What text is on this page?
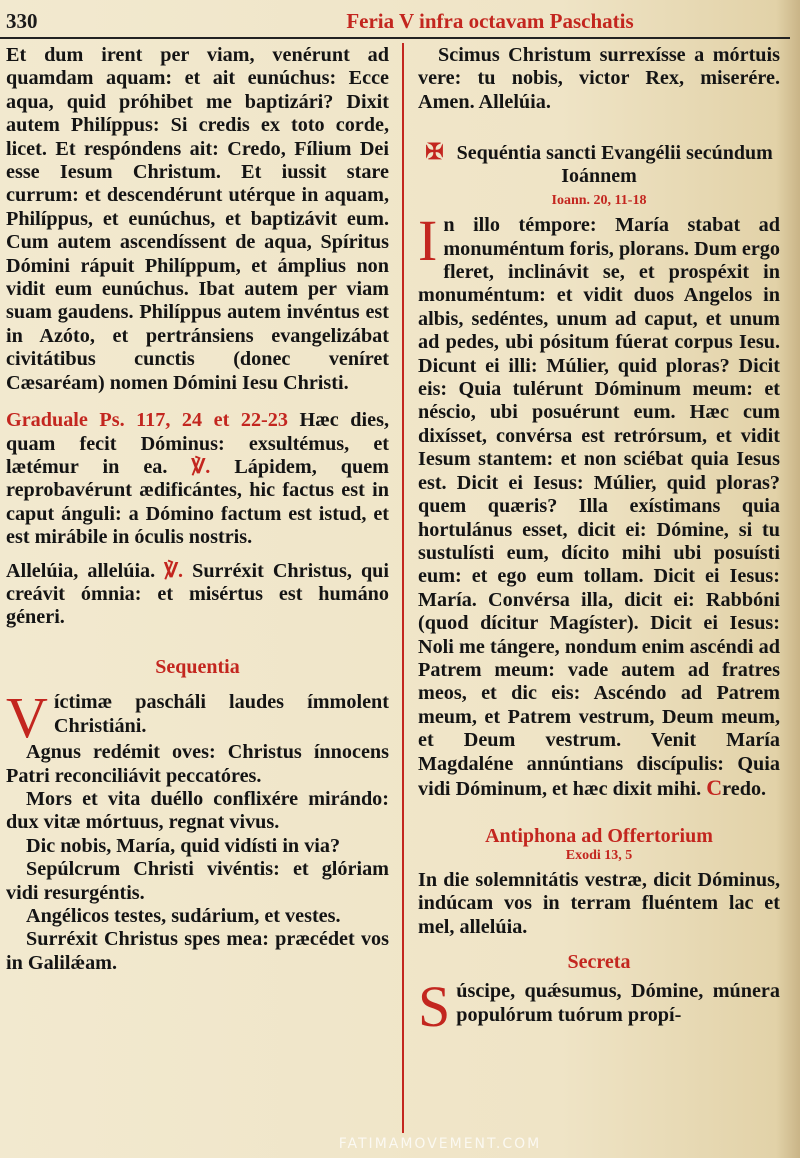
330	Feria V infra octavam Paschatis

Et dum irent per viam, venérunt ad quamdam aquam: et ait eunúchus: Ecce aqua, quid próhibet me baptizári? Dixit autem Philíppus: Si credis ex toto corde, licet. Et respóndens ait: Credo, Fílium Dei esse Iesum Christum. Et iussit stare currum: et descendérunt utérque in aquam, Philíppus, et eunúchus, et baptizávit eum. Cum autem ascendíssent de aqua, Spíritus Dómini rápuit Philíppum, et ámplius non vidit eum eunúchus. Ibat autem per viam suam gaudens. Philíppus autem invéntus est in Azóto, et pertránsiens evangelizábat civitátibus cunctis (donec veníret Cæsaréam) nomen Dómini Iesu Christi.

Graduale Ps. 117, 24 et 22-23 Hæc dies, quam fecit Dóminus: exsultémus, et lætémur in ea. ℣. Lápidem, quem reprobavérunt ædificántes, hic factus est in caput ánguli: a Dómino factum est istud, et est mirábile in óculis nostris.

Allelúia, allelúia. ℣. Surréxit Christus, qui creávit ómnia: et misértus est humáno géneri.

Sequentia
V íctimæ pascháli laudes ímmolent Christiáni.

Agnus redémit oves: Christus ínnocens Patri reconciliávit peccatóres.

Mors et vita duéllo conflixére mirándo: dux vitæ mórtuus, regnat vivus.

Dic nobis, María, quid vidísti in via?

Sepúlcrum Christi vivéntis: et glóriam vidi resurgéntis.

Angélicos testes, sudárium, et vestes.

Surréxit Christus spes mea: præcédet vos in Galilǽam.

Scimus Christum surrexísse a mórtuis vere: tu nobis, victor Rex, miserére. Amen. Allelúia.

✠ Sequéntia sancti Evangélii secúndum Ioánnem
Ioann. 20, 11-18
I n illo témpore: María stabat ad monuméntum foris, plorans. Dum ergo fleret, inclinávit se, et prospéxit in monuméntum: et vidit duos Angelos in albis, sedéntes, unum ad caput, et unum ad pedes, ubi pósitum fúerat corpus Iesu. Dicunt ei illi: Múlier, quid ploras? Dicit eis: Quia tulérunt Dóminum meum: et néscio, ubi posuérunt eum. Hæc cum dixísset, convérsa est retrórsum, et vidit Iesum stantem: et non sciébat quia Iesus est. Dicit ei Iesus: Múlier, quid ploras? quem quæris? Illa exístimans quia hortulánus esset, dicit ei: Dómine, si tu sustulísti eum, dícito mihi ubi posuísti eum: et ego eum tollam. Dicit ei Iesus: María. Convérsa illa, dicit ei: Rabbóni (quod dícitur Magíster). Dicit ei Iesus: Noli me tángere, nondum enim ascéndi ad Patrem meum: vade autem ad fratres meos, et dic eis: Ascéndo ad Patrem meum, et Patrem vestrum, Deum meum, et Deum vestrum. Venit María Magdaléne annúntians discípulis: Quia vidi Dóminum, et hæc dixit mihi. Credo.

Antiphona ad Offertorium
Exodi 13, 5

In die solemnitátis vestræ, dicit Dóminus, indúcam vos in terram fluéntem lac et mel, allelúia.

Secreta
S úscipe, quǽsumus, Dómine, múnera populórum tuórum propí-

FATIMAMOVEMENT.COM
